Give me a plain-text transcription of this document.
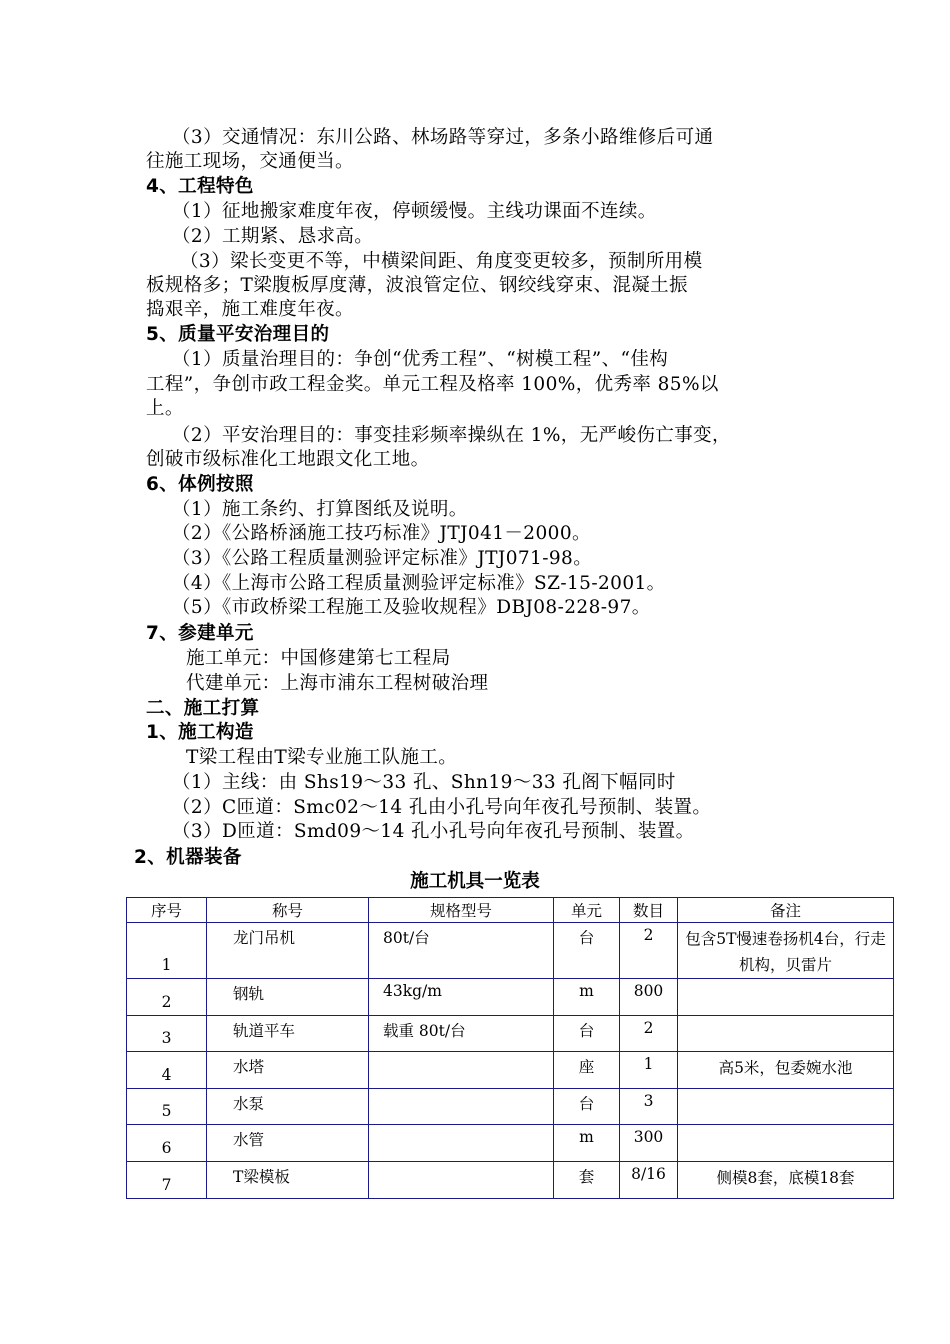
（3）交通情况：东川公路、林场路等穿过，多条小路维修后可通
往施工现场，交通便当。
4、工程特色
（1）征地搬家难度年夜，停顿缓慢。主线功课面不连续。
（2）工期紧、恳求高。
（3）梁长变更不等，中横梁间距、角度变更较多，预制所用模
板规格多；T梁腹板厚度薄，波浪管定位、钢绞线穿束、混凝土振
捣艰辛，施工难度年夜。
5、质量平安治理目的
（1）质量治理目的：争创“优秀工程”、“树模工程”、“佳构
工程”，争创市政工程金奖。单元工程及格率 100%，优秀率 85%以
上。
（2）平安治理目的：事变挂彩频率操纵在 1%，无严峻伤亡事变，
创破市级标准化工地跟文化工地。
6、体例按照
（1）施工条约、打算图纸及说明。
（2）《公路桥涵施工技巧标准》JTJ041－2000。
（3）《公路工程质量测验评定标准》JTJ071-98。
（4）《上海市公路工程质量测验评定标准》SZ-15-2001。
（5）《市政桥梁工程施工及验收规程》DBJ08-228-97。
7、参建单元
施工单元：中国修建第七工程局
代建单元：上海市浦东工程树破治理
二、施工打算
1、施工构造
T梁工程由T梁专业施工队施工。
（1）主线：由 Shs19～33 孔、Shn19～33 孔阁下幅同时
（2）C匝道：Smc02～14 孔由小孔号向年夜孔号预制、装置。
（3）D匝道：Smd09～14 孔小孔号向年夜孔号预制、装置。
2、机器装备
施工机具一览表
序号	称号	规格型号	单元	数目	备注
1	龙门吊机	80t/台	台	2	包含5T慢速卷扬机4台，行走机构，贝雷片
2	钢轨	43kg/m	m	800	
3	轨道平车	载重 80t/台	台	2	
4	水塔		座	1	高5米，包委婉水池
5	水泵		台	3	
6	水管		m	300	
7	T梁模板		套	8/16	侧模8套，底模18套
